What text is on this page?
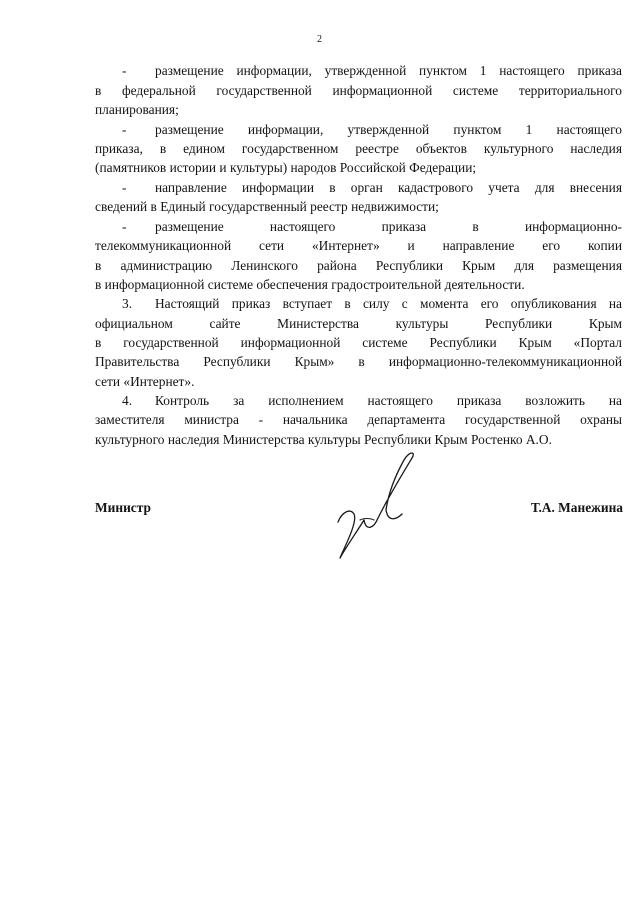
2
- размещение информации, утвержденной пунктом 1 настоящего приказа
в федеральной государственной информационной системе территориального
планирования;
- размещение информации, утвержденной пунктом 1 настоящего
приказа, в едином государственном реестре объектов культурного наследия
(памятников истории и культуры) народов Российской Федерации;
- направление информации в орган кадастрового учета для внесения
сведений в Единый государственный реестр недвижимости;
- размещение настоящего приказа в информационно-
телекоммуникационной сети «Интернет» и направление его копии
в администрацию Ленинского района Республики Крым для размещения
в информационной системе обеспечения градостроительной деятельности.
3. Настоящий приказ вступает в силу с момента его опубликования на
официальном сайте Министерства культуры Республики Крым
в государственной информационной системе Республики Крым «Портал
Правительства Республики Крым» в информационно-телекоммуникационной
сети «Интернет».
4. Контроль за исполнением настоящего приказа возложить на
заместителя министра - начальника департамента государственной охраны
культурного наследия Министерства культуры Республики Крым Ростенко А.О.
Министр	Т.А. Манежина
